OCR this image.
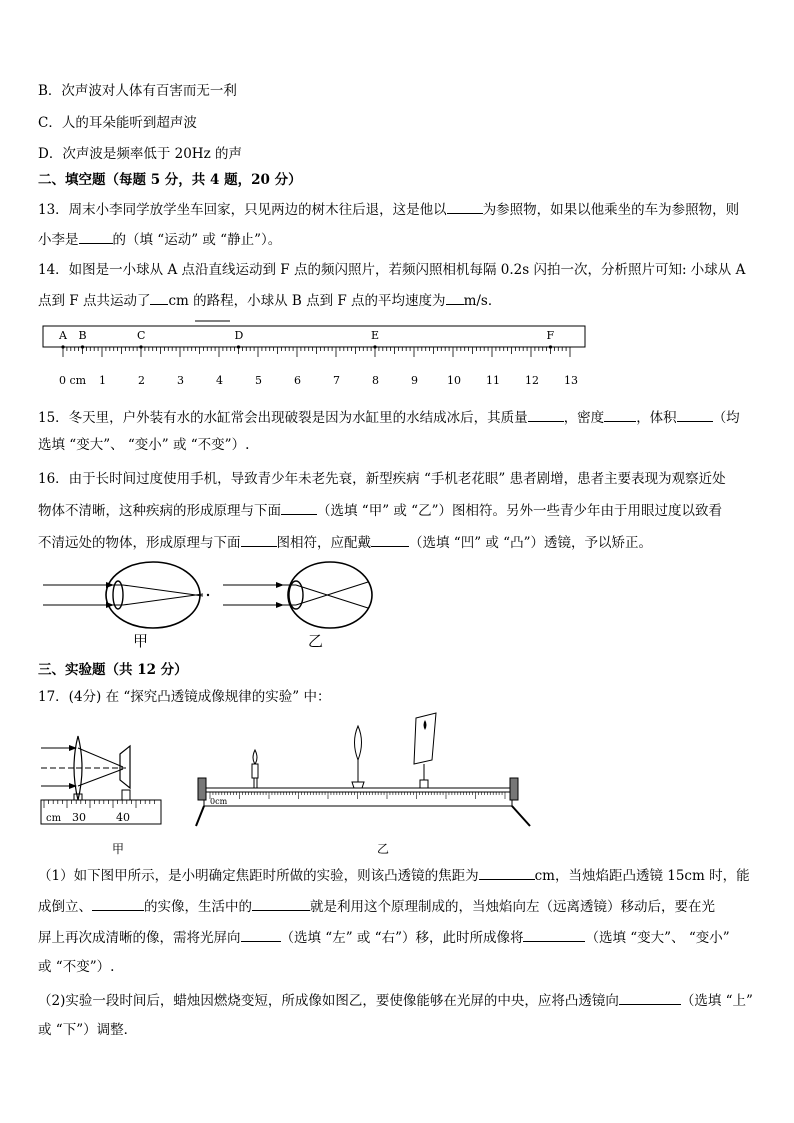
B．次声波对人体有百害而无一利
C．人的耳朵能听到超声波
D．次声波是频率低于 20Hz 的声
二、填空题（每题 5 分，共 4 题，20 分）
13．周末小李同学放学坐车回家，只见两边的树木往后退，这是他以	为参照物，如果以他乘坐的车为参照物，则
小李是	的（填 “运动” 或 “静止”）。
14．如图是一小球从 A 点沿直线运动到 F 点的频闪照片，若频闪照相机每隔 0.2s 闪拍一次，分析照片可知: 小球从 A
点到 F 点共运动了 cm 的路程，小球从 B 点到 F 点的平均速度为 m/s．
A B	C	D	E	F
0 cm 1	2	3	4	5	6	7	8	9	10 11 12 13
15．冬天里，户外装有水的水缸常会出现破裂是因为水缸里的水结成冰后，其质量	，密度 ，体积	（均
选填 “变大”、 “变小” 或 “不变”）.
16．由于长时间过度使用手机，导致青少年未老先衰，新型疾病 “手机老花眼” 患者剧增，患者主要表现为观察近处
物体不清晰，这种疾病的形成原理与下面	（选填 “甲” 或 “乙”）图相符。另外一些青少年由于用眼过度以致看
不清远处的物体，形成原理与下面	图相符，应配戴	（选填 “凹” 或 “凸”）透镜，予以矫正。
甲	乙
三、实验题（共 12 分）
17．(4分) 在 “探究凸透镜成像规律的实验” 中：
cm 30	40
甲
0cm
乙
（1）如下图甲所示，是小明确定焦距时所做的实验，则该凸透镜的焦距为	cm，当烛焰距凸透镜 15cm 时，能
成倒立、	的实像，生活中的	就是利用这个原理制成的，当烛焰向左（远离透镜）移动后，要在光
屏上再次成清晰的像，需将光屏向	（选填 “左” 或 “右”）移，此时所成像将	（选填 “变大”、 “变小”
或 “不变”）.
（2)实验一段时间后，蜡烛因燃烧变短，所成像如图乙，要使像能够在光屏的中央，应将凸透镜向	（选填 “上”
或 “下”）调整．
